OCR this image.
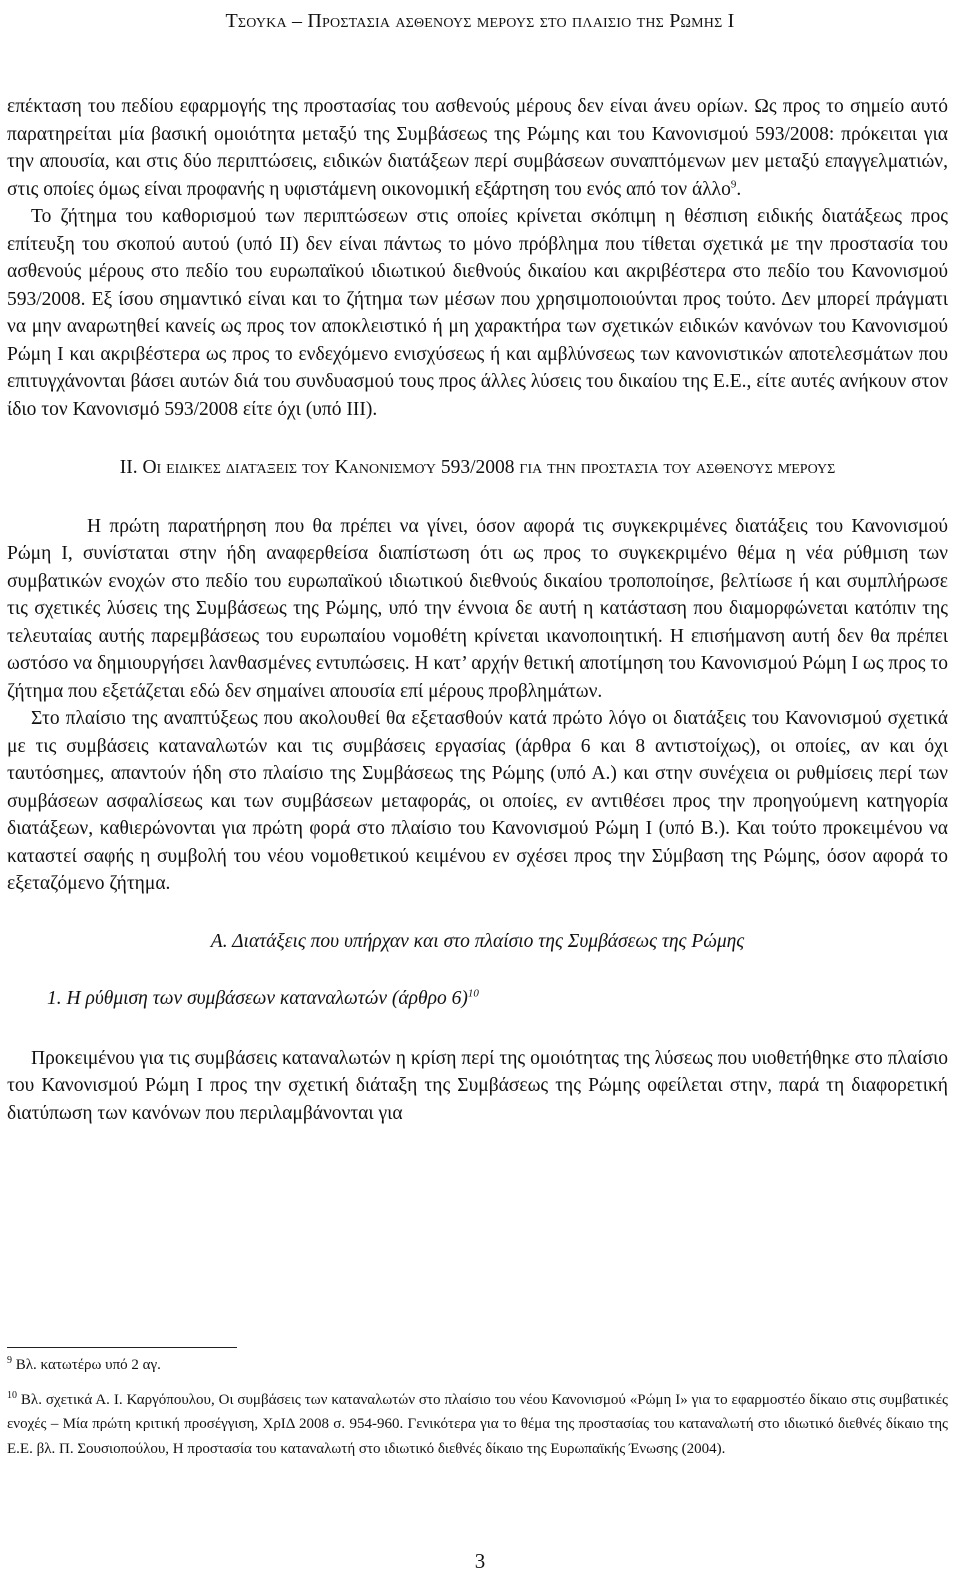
Τσουκα – Προστασια ασθενουσ μερουσ στο πλαισιο της Ρωμης I

επέκταση του πεδίου εφαρμογής της προστασίας του ασθενούς μέρους δεν είναι άνευ ορίων. Ως προς το σημείο αυτό παρατηρείται μία βασική ομοιότητα μεταξύ της Συμβάσεως της Ρώμης και του Κανονισμού 593/2008: πρόκειται για την απουσία, και στις δύο περιπτώσεις, ειδικών διατάξεων περί συμβάσεων συναπτόμενων μεν μεταξύ επαγγελματιών, στις οποίες όμως είναι προφανής η υφιστάμενη οικονομική εξάρτηση του ενός από τον άλλο$^9$.

Το ζήτημα του καθορισμού των περιπτώσεων στις οποίες κρίνεται σκόπιμη η θέσπιση ειδικής διατάξεως προς επίτευξη του σκοπού αυτού (υπό II) δεν είναι πάντως το μόνο πρόβλημα που τίθεται σχετικά με την προστασία του ασθενούς μέρους στο πεδίο του ευρωπαϊκού ιδιωτικού διεθνούς δικαίου και ακριβέστερα στο πεδίο του Κανονισμού 593/2008. Εξ ίσου σημαντικό είναι και το ζήτημα των μέσων που χρησιμοποιούνται προς τούτο. Δεν μπορεί πράγματι να μην αναρωτηθεί κανείς ως προς τον αποκλειστικό ή μη χαρακτήρα των σχετικών ειδικών κανόνων του Κανονισμού Ρώμη I και ακριβέστερα ως προς το ενδεχόμενο ενισχύσεως ή και αμβλύνσεως των κανονιστικών αποτελεσμάτων που επιτυγχάνονται βάσει αυτών διά του συνδυασμού τους προς άλλες λύσεις του δικαίου της Ε.Ε., είτε αυτές ανήκουν στον ίδιο τον Κανονισμό 593/2008 είτε όχι (υπό III).

II. Οι ειδικές διατάξεις του Κανονισμού 593/2008 για την προστασία του ασθενούς μέρους

Η πρώτη παρατήρηση που θα πρέπει να γίνει, όσον αφορά τις συγκεκριμένες διατάξεις του Κανονισμού Ρώμη I, συνίσταται στην ήδη αναφερθείσα διαπίστωση ότι ως προς το συγκεκριμένο θέμα η νέα ρύθμιση των συμβατικών ενοχών στο πεδίο του ευρωπαϊκού ιδιωτικού διεθνούς δικαίου τροποποίησε, βελτίωσε ή και συμπλήρωσε τις σχετικές λύσεις της Συμβάσεως της Ρώμης, υπό την έννοια δε αυτή η κατάσταση που διαμορφώνεται κατόπιν της τελευταίας αυτής παρεμβάσεως του ευρωπαίου νομοθέτη κρίνεται ικανοποιητική. Η επισήμανση αυτή δεν θα πρέπει ωστόσο να δημιουργήσει λανθασμένες εντυπώσεις. Η κατ’ αρχήν θετική αποτίμηση του Κανονισμού Ρώμη I ως προς το ζήτημα που εξετάζεται εδώ δεν σημαίνει απουσία επί μέρους προβλημάτων.

Στο πλαίσιο της αναπτύξεως που ακολουθεί θα εξετασθούν κατά πρώτο λόγο οι διατάξεις του Κανονισμού σχετικά με τις συμβάσεις καταναλωτών και τις συμβάσεις εργασίας (άρθρα 6 και 8 αντιστοίχως), οι οποίες, αν και όχι ταυτόσημες, απαντούν ήδη στο πλαίσιο της Συμβάσεως της Ρώμης (υπό Α.) και στην συνέχεια οι ρυθμίσεις περί των συμβάσεων ασφαλίσεως και των συμβάσεων μεταφοράς, οι οποίες, εν αντιθέσει προς την προηγούμενη κατηγορία διατάξεων, καθιερώνονται για πρώτη φορά στο πλαίσιο του Κανονισμού Ρώμη I (υπό Β.). Και τούτο προκειμένου να καταστεί σαφής η συμβολή του νέου νομοθετικού κειμένου εν σχέσει προς την Σύμβαση της Ρώμης, όσον αφορά το εξεταζόμενο ζήτημα.

Α. Διατάξεις που υπήρχαν και στο πλαίσιο της Συμβάσεως της Ρώμης

1. Η ρύθμιση των συμβάσεων καταναλωτών (άρθρο 6)$^{10}$

Προκειμένου για τις συμβάσεις καταναλωτών η κρίση περί της ομοιότητας της λύσεως που υιοθετήθηκε στο πλαίσιο του Κανονισμού Ρώμη I προς την σχετική διάταξη της Συμβάσεως της Ρώμης οφείλεται στην, παρά τη διαφορετική διατύπωση των κανόνων που περιλαμβάνονται για

$^9$ Βλ. κατωτέρω υπό 2 αγ.

$^{10}$ Βλ. σχετικά Α. Ι. Καργόπουλου, Οι συμβάσεις των καταναλωτών στο πλαίσιο του νέου Κανονισμού «Ρώμη I» για το εφαρμοστέο δίκαιο στις συμβατικές ενοχές – Μία πρώτη κριτική προσέγγιση, ΧρΙΔ 2008 σ. 954-960. Γενικότερα για το θέμα της προστασίας του καταναλωτή στο ιδιωτικό διεθνές δίκαιο της Ε.Ε. βλ. Π. Σουσιοπούλου, Η προστασία του καταναλωτή στο ιδιωτικό διεθνές δίκαιο της Ευρωπαϊκής Ένωσης (2004).

3
